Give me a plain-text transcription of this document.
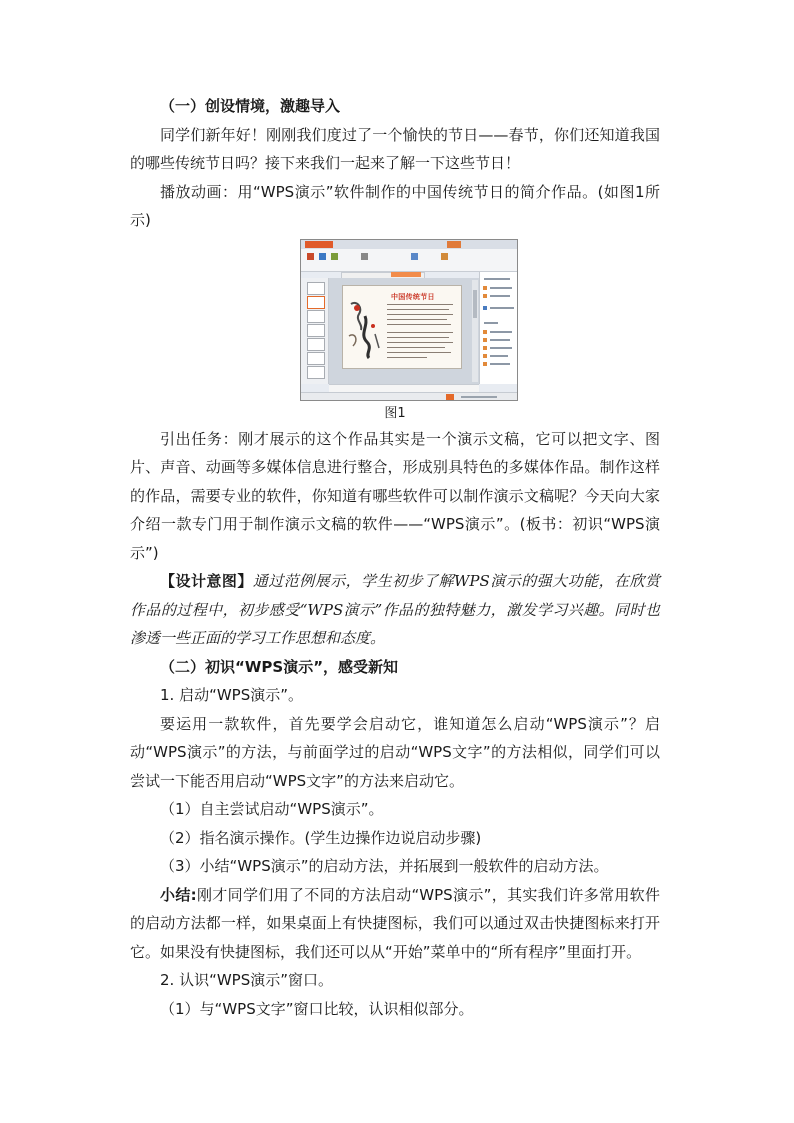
（一）创设情境，激趣导入

同学们新年好！刚刚我们度过了一个愉快的节日——春节，你们还知道我国的哪些传统节日吗？接下来我们一起来了解一下这些节日！

播放动画：用“WPS演示”软件制作的中国传统节日的简介作品。(如图1所示)

中国传统节日
图1

引出任务：刚才展示的这个作品其实是一个演示文稿，它可以把文字、图片、声音、动画等多媒体信息进行整合，形成别具特色的多媒体作品。制作这样的作品，需要专业的软件，你知道有哪些软件可以制作演示文稿呢？今天向大家介绍一款专门用于制作演示文稿的软件——“WPS演示”。(板书：初识“WPS演示”)

【设计意图】通过范例展示，学生初步了解WPS演示的强大功能，在欣赏作品的过程中，初步感受“WPS演示”作品的独特魅力，激发学习兴趣。同时也渗透一些正面的学习工作思想和态度。

（二）初识“WPS演示”，感受新知

1. 启动“WPS演示”。

要运用一款软件，首先要学会启动它，谁知道怎么启动“WPS演示”？启动“WPS演示”的方法，与前面学过的启动“WPS文字”的方法相似，同学们可以尝试一下能否用启动“WPS文字”的方法来启动它。

（1）自主尝试启动“WPS演示”。

（2）指名演示操作。(学生边操作边说启动步骤)

（3）小结“WPS演示”的启动方法，并拓展到一般软件的启动方法。

小结:刚才同学们用了不同的方法启动“WPS演示”，其实我们许多常用软件的启动方法都一样，如果桌面上有快捷图标，我们可以通过双击快捷图标来打开它。如果没有快捷图标，我们还可以从“开始”菜单中的“所有程序”里面打开。

2. 认识“WPS演示”窗口。

（1）与“WPS文字”窗口比较，认识相似部分。
